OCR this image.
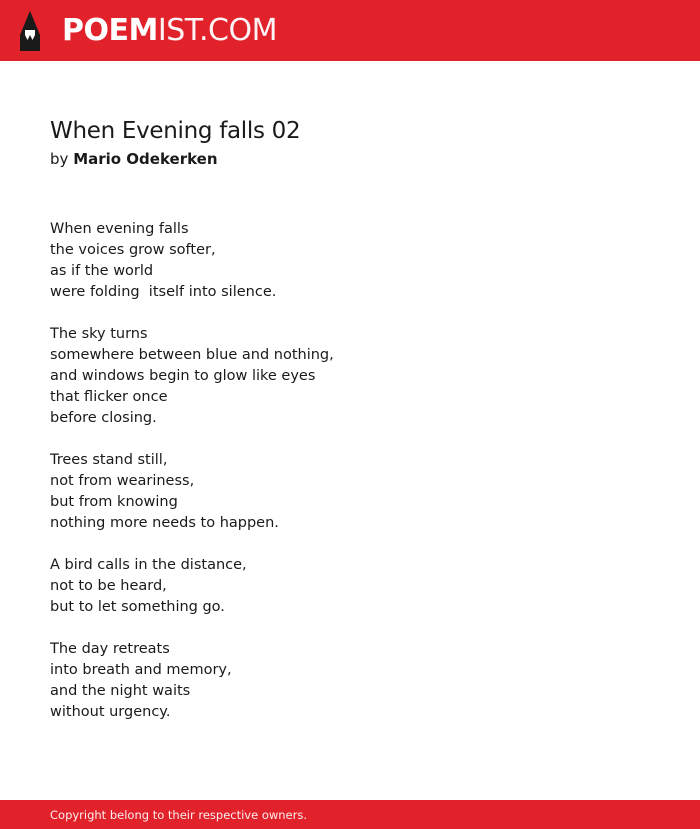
POEMIST.COM
When Evening falls 02
by Mario Odekerken
When evening falls
the voices grow softer,
as if the world
were folding  itself into silence.
The sky turns
somewhere between blue and nothing,
and windows begin to glow like eyes
that flicker once
before closing.
Trees stand still,
not from weariness,
but from knowing
nothing more needs to happen.
A bird calls in the distance,
not to be heard,
but to let something go.
The day retreats
into breath and memory,
and the night waits
without urgency.
Copyright belong to their respective owners.
